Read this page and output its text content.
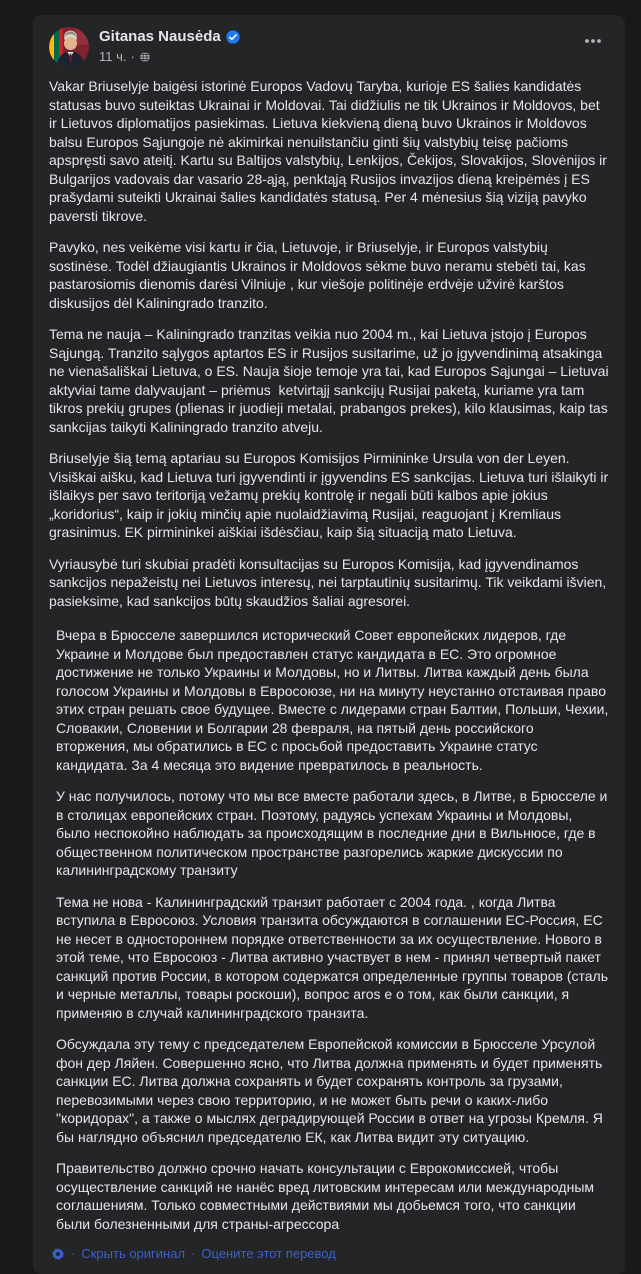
Gitanas Nausėda
11 ч. ·

Vakar Briuselyje baigėsi istorinė Europos Vadovų Taryba, kurioje ES šalies kandidatės statusas buvo suteiktas Ukrainai ir Moldovai. Tai didžiulis ne tik Ukrainos ir Moldovos, bet ir Lietuvos diplomatijos pasiekimas. Lietuva kiekvieną dieną buvo Ukrainos ir Moldovos balsu Europos Sąjungoje nė akimirkai nenuilstančiu ginti šių valstybių teisę pačioms apspręsti savo ateitį. Kartu su Baltijos valstybių, Lenkijos, Čekijos, Slovakijos, Slovėnijos ir Bulgarijos vadovais dar vasario 28-ąją, penktąją Rusijos invazijos dieną kreipėmės į ES prašydami suteikti Ukrainai šalies kandidatės statusą. Per 4 mėnesius šią viziją pavyko paversti tikrove.

Pavyko, nes veikėme visi kartu ir čia, Lietuvoje, ir Briuselyje, ir Europos valstybių sostinėse. Todėl džiaugiantis Ukrainos ir Moldovos sėkme buvo neramu stebėti tai, kas pastarosiomis dienomis darėsi Vilniuje , kur viešoje politinėje erdvėje užvirė karštos diskusijos dėl Kaliningrado tranzito.

Tema ne nauja – Kaliningrado tranzitas veikia nuo 2004 m., kai Lietuva įstojo į Europos Sąjungą. Tranzito sąlygos aptartos ES ir Rusijos susitarime, už jo įgyvendinimą atsakinga ne vienašališkai Lietuva, o ES. Nauja šioje temoje yra tai, kad Europos Sąjungai – Lietuvai aktyviai tame dalyvaujant – priėmus  ketvirtąjį sankcijų Rusijai paketą, kuriame yra tam tikros prekių grupes (plienas ir juodieji metalai, prabangos prekes), kilo klausimas, kaip tas sankcijas taikyti Kaliningrado tranzito atveju.

Briuselyje šią temą aptariau su Europos Komisijos Pirmininke Ursula von der Leyen. Visiškai aišku, kad Lietuva turi įgyvendinti ir įgyvendins ES sankcijas. Lietuva turi išlaikyti ir išlaikys per savo teritoriją vežamų prekių kontrolę ir negali būti kalbos apie jokius „koridorius“, kaip ir jokių minčių apie nuolaidžiavimą Rusijai, reaguojant į Kremliaus grasinimus. EK pirmininkei aiškiai išdėsčiau, kaip šią situaciją mato Lietuva.

Vyriausybė turi skubiai pradėti konsultacijas su Europos Komisija, kad įgyvendinamos sankcijos nepažeistų nei Lietuvos interesų, nei tarptautinių susitarimų. Tik veikdami išvien, pasieksime, kad sankcijos būtų skaudžios šaliai agresorei.

Вчера в Брюсселе завершился исторический Совет европейских лидеров, где Украине и Молдове был предоставлен статус кандидата в ЕС. Это огромное достижение не только Украины и Молдовы, но и Литвы. Литва каждый день была голосом Украины и Молдовы в Евросоюзе, ни на минуту неустанно отстаивая право этих стран решать свое будущее. Вместе с лидерами стран Балтии, Польши, Чехии, Словакии, Словении и Болгарии 28 февраля, на пятый день российского вторжения, мы обратились в ЕС с просьбой предоставить Украине статус кандидата. За 4 месяца это видение превратилось в реальность.

У нас получилось, потому что мы все вместе работали здесь, в Литве, в Брюсселе и в столицах европейских стран. Поэтому, радуясь успехам Украины и Молдовы, было неспокойно наблюдать за происходящим в последние дни в Вильнюсе, где в общественном политическом пространстве разгорелись жаркие дискуссии по калининградскому транзиту

Тема не нова - Калининградский транзит работает с 2004 года. , когда Литва вступила в Евросоюз. Условия транзита обсуждаются в соглашении ЕС-Россия, ЕС не несет в одностороннем порядке ответственности за их осуществление. Нового в этой теме, что Евросоюз - Литва активно участвует в нем - принял четвертый пакет санкций против России, в котором содержатся определенные группы товаров (сталь и черные металлы, товары роскоши), вопрос aros e о том, как были санкции, я применяю в случай калининградского транзита.

Обсуждала эту тему с председателем Европейской комиссии в Брюсселе Урсулой фон дер Ляйен. Совершенно ясно, что Литва должна применять и будет применять санкции ЕС. Литва должна сохранять и будет сохранять контроль за грузами, перевозимыми через свою территорию, и не может быть речи о каких-либо "коридорах", а также о мыслях деградирующей России в ответ на угрозы Кремля. Я бы наглядно объяснил председателю ЕК, как Литва видит эту ситуацию.

Правительство должно срочно начать консультации с Еврокомиссией, чтобы осуществление санкций не нанёс вред литовским интересам или международным соглашениям. Только совместными действиями мы добьемся того, что санкции были болезненными для страны-агрессора

· Скрыть оригинал · Оцените этот перевод
